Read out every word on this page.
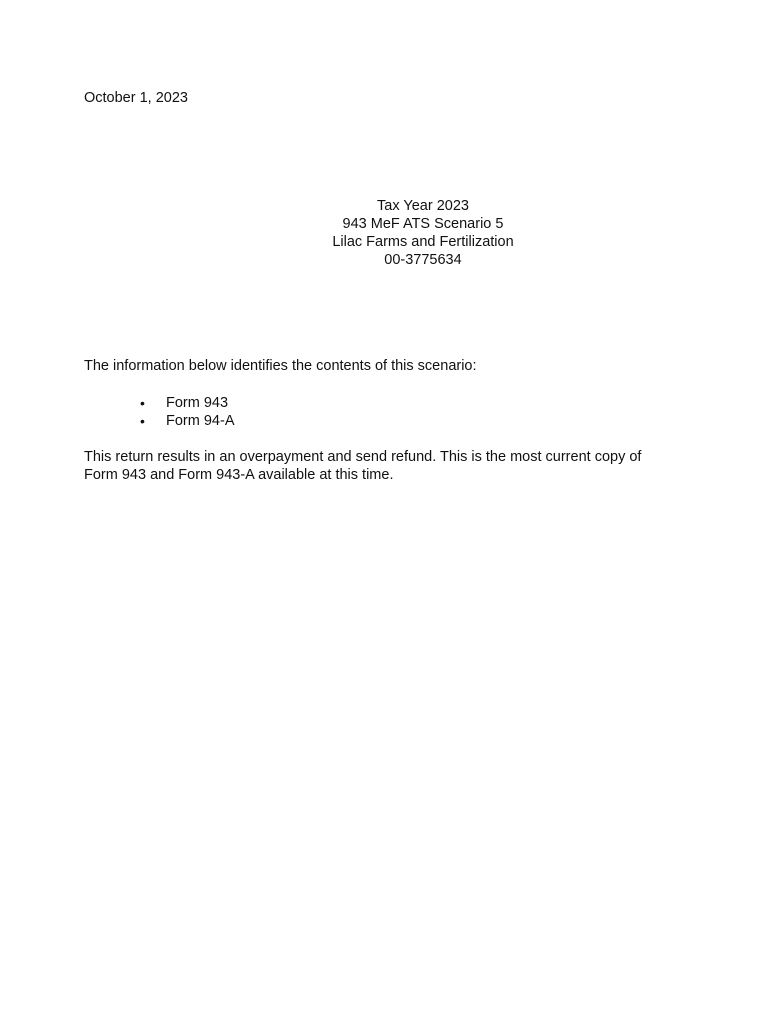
October 1, 2023
Tax Year 2023
943 MeF ATS Scenario 5
Lilac Farms and Fertilization
00-3775634
The information below identifies the contents of this scenario:
•	Form 943
•	Form 94-A
This return results in an overpayment and send refund. This is the most current copy of Form 943 and Form 943-A available at this time.
